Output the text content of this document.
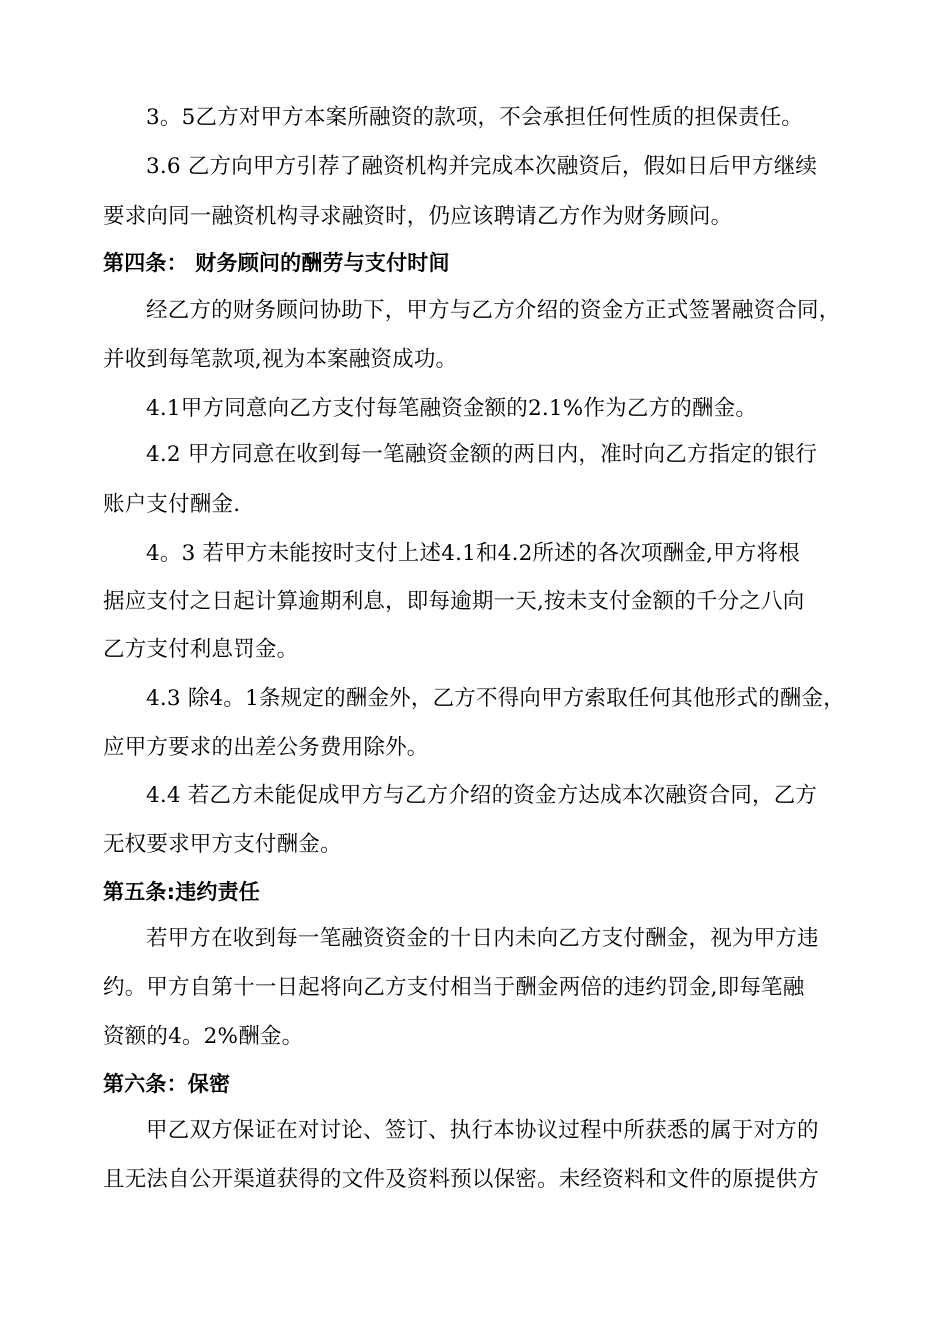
3。5乙方对甲方本案所融资的款项，不会承担任何性质的担保责任。
3.6 乙方向甲方引荐了融资机构并完成本次融资后，假如日后甲方继续
要求向同一融资机构寻求融资时，仍应该聘请乙方作为财务顾问。
第四条： 财务顾问的酬劳与支付时间
经乙方的财务顾问协助下，甲方与乙方介绍的资金方正式签署融资合同，
并收到每笔款项,视为本案融资成功。
4.1甲方同意向乙方支付每笔融资金额的2.1%作为乙方的酬金。
4.2 甲方同意在收到每一笔融资金额的两日内，准时向乙方指定的银行
账户支付酬金.
4。3 若甲方未能按时支付上述4.1和4.2所述的各次项酬金,甲方将根
据应支付之日起计算逾期利息，即每逾期一天,按未支付金额的千分之八向
乙方支付利息罚金。
4.3 除4。1条规定的酬金外，乙方不得向甲方索取任何其他形式的酬金，
应甲方要求的出差公务费用除外。
4.4 若乙方未能促成甲方与乙方介绍的资金方达成本次融资合同，乙方
无权要求甲方支付酬金。
第五条:违约责任
若甲方在收到每一笔融资资金的十日内未向乙方支付酬金，视为甲方违
约。甲方自第十一日起将向乙方支付相当于酬金两倍的违约罚金,即每笔融
资额的4。2%酬金。
第六条：保密
甲乙双方保证在对讨论、签订、执行本协议过程中所获悉的属于对方的
且无法自公开渠道获得的文件及资料预以保密。未经资料和文件的原提供方
